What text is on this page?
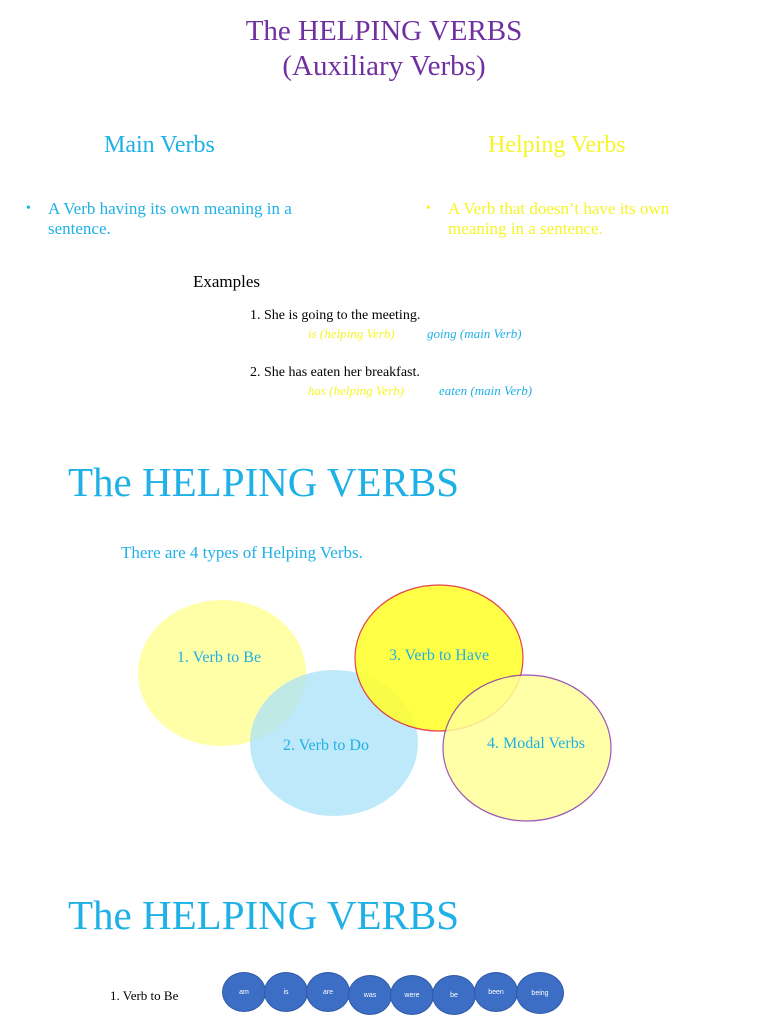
The HELPING VERBS
(Auxiliary Verbs)
Main Verbs	Helping Verbs
•	A Verb having its own meaning in a sentence.
•	A Verb that doesn’t have its own meaning in a sentence.
Examples
1. She is going to the meeting.
is (helping Verb) going (main Verb)
2. She has eaten her breakfast.
has (helping Verb)	eaten (main Verb)
The HELPING VERBS
There are 4 types of Helping Verbs.
1. Verb to Be
2. Verb to Do
3. Verb to Have
4. Modal Verbs
The HELPING VERBS
1. Verb to Be	am	is	are	was	were	be	been	being
